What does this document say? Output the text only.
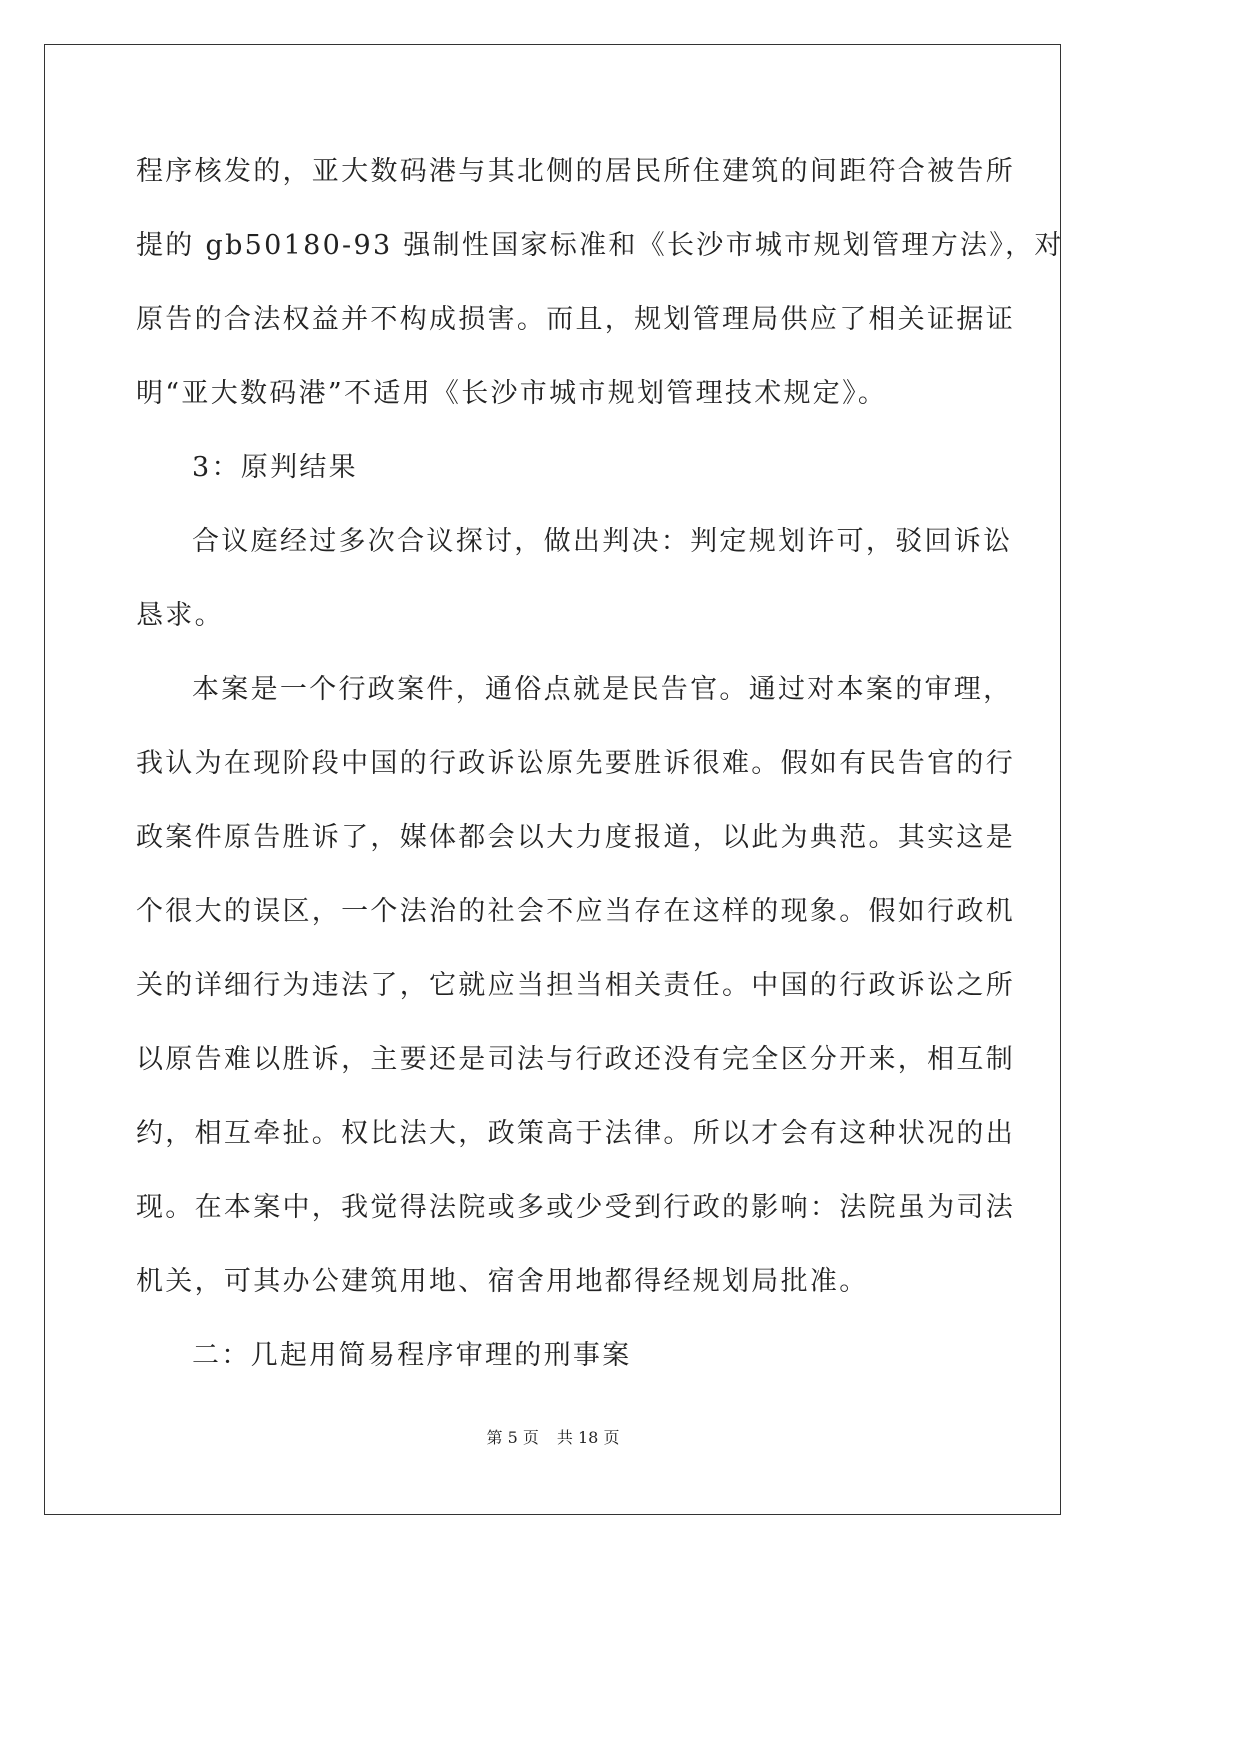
程序核发的，亚大数码港与其北侧的居民所住建筑的间距符合被告所
提的 gb50180-93 强制性国家标准和《长沙市城市规划管理方法》，对
原告的合法权益并不构成损害。而且，规划管理局供应了相关证据证
明“亚大数码港”不适用《长沙市城市规划管理技术规定》。
3：原判结果
合议庭经过多次合议探讨，做出判决：判定规划许可，驳回诉讼
恳求。
本案是一个行政案件，通俗点就是民告官。通过对本案的审理，
我认为在现阶段中国的行政诉讼原先要胜诉很难。假如有民告官的行
政案件原告胜诉了，媒体都会以大力度报道，以此为典范。其实这是
个很大的误区，一个法治的社会不应当存在这样的现象。假如行政机
关的详细行为违法了，它就应当担当相关责任。中国的行政诉讼之所
以原告难以胜诉，主要还是司法与行政还没有完全区分开来，相互制
约，相互牵扯。权比法大，政策高于法律。所以才会有这种状况的出
现。在本案中，我觉得法院或多或少受到行政的影响：法院虽为司法
机关，可其办公建筑用地、宿舍用地都得经规划局批准。
二：几起用简易程序审理的刑事案
第 5 页 共 18 页
